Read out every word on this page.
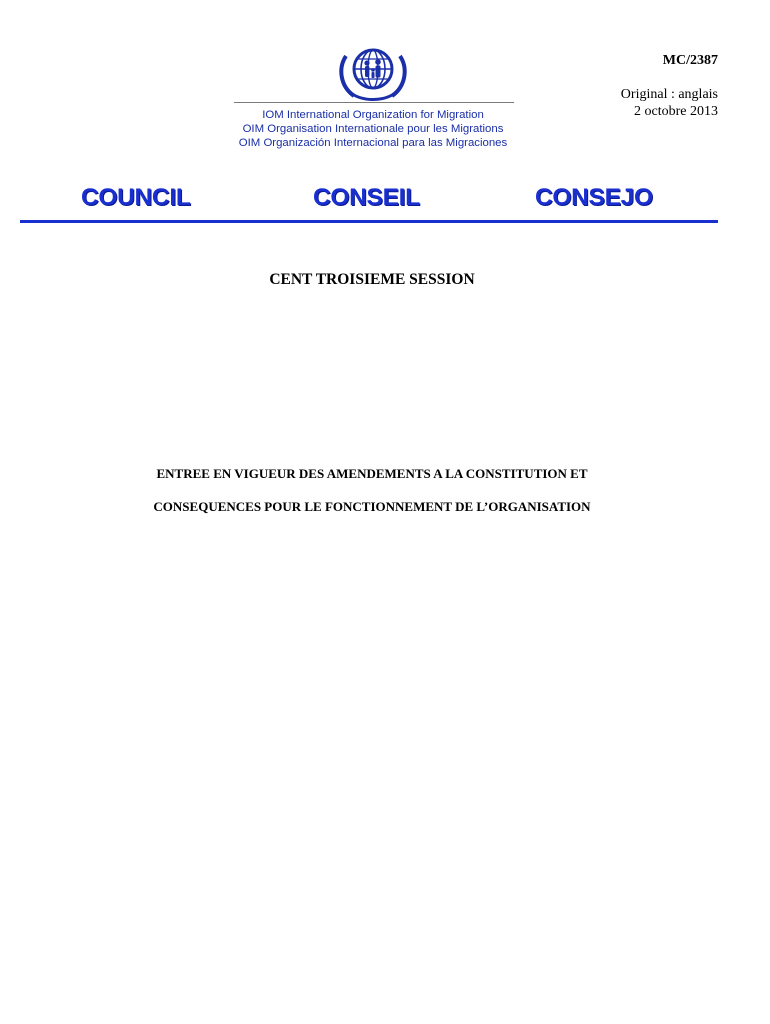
IOM International Organization for Migration
OIM Organisation Internationale pour les Migrations
OIM Organización Internacional para las Migraciones
MC/2387
Original : anglais
2 octobre 2013
COUNCIL	CONSEIL	CONSEJO
CENT TROISIEME SESSION
ENTREE EN VIGUEUR DES AMENDEMENTS A LA CONSTITUTION ET
CONSEQUENCES POUR LE FONCTIONNEMENT DE L’ORGANISATION
